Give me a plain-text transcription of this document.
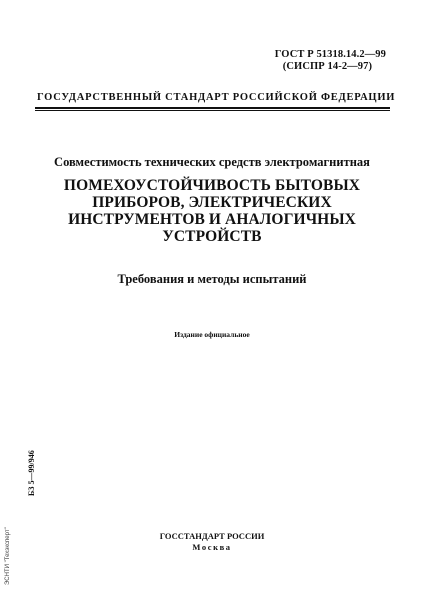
ГОСТ Р 51318.14.2—99
(СИСПР 14-2—97)
ГОСУДАРСТВЕННЫЙ СТАНДАРТ РОССИЙСКОЙ ФЕДЕРАЦИИ
Совместимость технических средств электромагнитная
ПОМЕХОУСТОЙЧИВОСТЬ БЫТОВЫХ
ПРИБОРОВ, ЭЛЕКТРИЧЕСКИХ
ИНСТРУМЕНТОВ И АНАЛОГИЧНЫХ
УСТРОЙСТВ
Требования и методы испытаний
Издание официальное
БЗ 5—99/946
ЭСНТИ "Техэксперт"	ГОССТАНДАРТ РОССИИ
Москва
